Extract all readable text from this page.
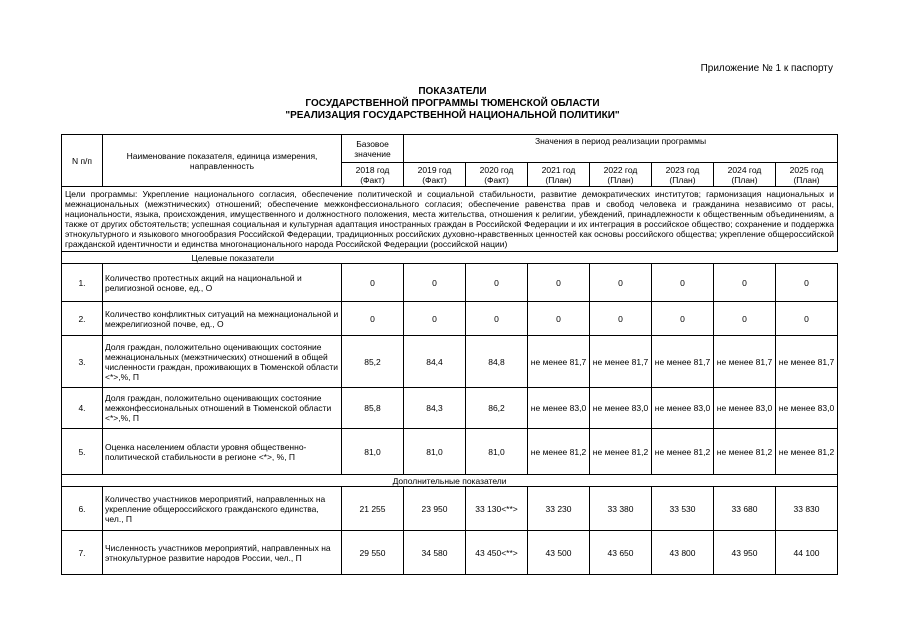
Приложение № 1 к паспорту
ПОКАЗАТЕЛИ
ГОСУДАРСТВЕННОЙ ПРОГРАММЫ ТЮМЕНСКОЙ ОБЛАСТИ
"РЕАЛИЗАЦИЯ ГОСУДАРСТВЕННОЙ НАЦИОНАЛЬНОЙ ПОЛИТИКИ"
N п/п	Наименование показателя, единица измерения, направленность	Базовое значение	Значения в период реализации программы						
		2018 год (Факт)	2019 год (Факт)	2020 год (Факт)	2021 год (План)	2022 год (План)	2023 год (План)	2024 год (План)	2025 год (План)
Цели программы: Укрепление национального согласия, обеспечение политической и социальной стабильности, развитие демократических институтов; гармонизация национальных и межнациональных (межэтнических) отношений; обеспечение межконфессионального согласия; обеспечение равенства прав и свобод человека и гражданина независимо от расы, национальности, языка, происхождения, имущественного и должностного положения, места жительства, отношения к религии, убеждений, принадлежности к общественным объединениям, а также от других обстоятельств; успешная социальная и культурная адаптация иностранных граждан в Российской Федерации и их интеграция в российское общество; сохранение и поддержка этнокультурного и языкового многообразия Российской Федерации, традиционных российских духовно-нравственных ценностей как основы российского общества; укрепление общероссийской гражданской идентичности и единства многонационального народа Российской Федерации (российской нации)									
Целевые показатели									
1.	Количество протестных акций на национальной и религиозной основе, ед., О	0	0	0	0	0	0	0	0
2.	Количество конфликтных ситуаций на межнациональной и межрелигиозной почве, ед., О	0	0	0	0	0	0	0	0
3.	Доля граждан, положительно оценивающих состояние межнациональных (межэтнических) отношений в общей численности граждан, проживающих в Тюменской области <*>,%, П	85,2	84,4	84,8	не менее 81,7	не менее 81,7	не менее 81,7	не менее 81,7	не менее 81,7
4.	Доля граждан, положительно оценивающих состояние межконфессиональных отношений в Тюменской области <*>,%, П	85,8	84,3	86,2	не менее 83,0	не менее 83,0	не менее 83,0	не менее 83,0	не менее 83,0
5.	Оценка населением области уровня общественно-политической стабильности в регионе <*>, %, П	81,0	81,0	81,0	не менее 81,2	не менее 81,2	не менее 81,2	не менее 81,2	не менее 81,2
Дополнительные показатели									
6.	Количество участников мероприятий, направленных на укрепление общероссийского гражданского единства, чел., П	21 255	23 950	33 130<**>	33 230	33 380	33 530	33 680	33 830
7.	Численность участников мероприятий, направленных на этнокультурное развитие народов России, чел., П	29 550	34 580	43 450<**>	43 500	43 650	43 800	43 950	44 100
